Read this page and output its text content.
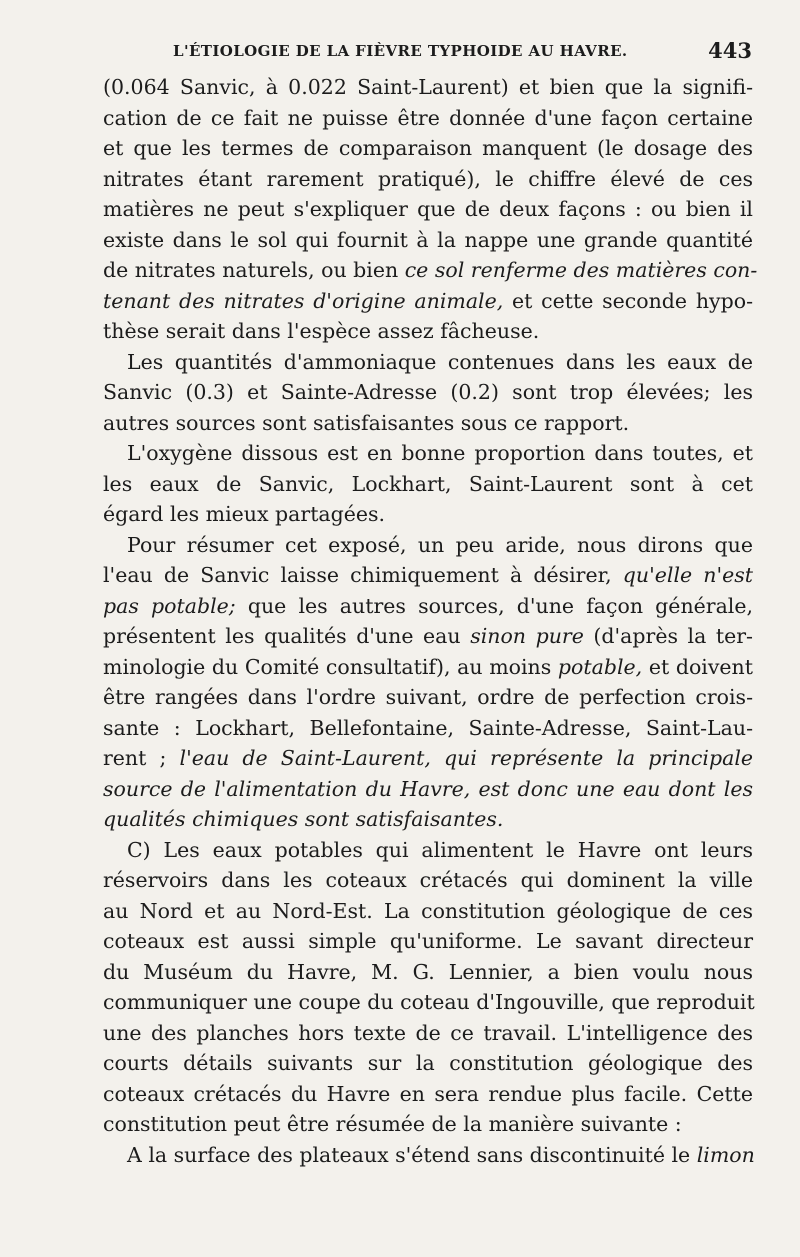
L'ÉTIOLOGIE DE LA FIÈVRE TYPHOIDE AU HAVRE.	443
(0.064 Sanvic, à 0.022 Saint-Laurent) et bien que la signifi-
cation de ce fait ne puisse être donnée d'une façon certaine
et que les termes de comparaison manquent (le dosage des
nitrates étant rarement pratiqué), le chiffre élevé de ces
matières ne peut s'expliquer que de deux façons : ou bien il
existe dans le sol qui fournit à la nappe une grande quantité
de nitrates naturels, ou bien ce sol renferme des matières con-
tenant des nitrates d'origine animale, et cette seconde hypo-
thèse serait dans l'espèce assez fâcheuse.
Les quantités d'ammoniaque contenues dans les eaux de
Sanvic (0.3) et Sainte-Adresse (0.2) sont trop élevées; les
autres sources sont satisfaisantes sous ce rapport.
L'oxygène dissous est en bonne proportion dans toutes, et
les eaux de Sanvic, Lockhart, Saint-Laurent sont à cet
égard les mieux partagées.
Pour résumer cet exposé, un peu aride, nous dirons que
l'eau de Sanvic laisse chimiquement à désirer, qu'elle n'est
pas potable; que les autres sources, d'une façon générale,
présentent les qualités d'une eau sinon pure (d'après la ter-
minologie du Comité consultatif), au moins potable, et doivent
être rangées dans l'ordre suivant, ordre de perfection crois-
sante : Lockhart, Bellefontaine, Sainte-Adresse, Saint-Lau-
rent ; l'eau de Saint-Laurent, qui représente la principale
source de l'alimentation du Havre, est donc une eau dont les
qualités chimiques sont satisfaisantes.
C) Les eaux potables qui alimentent le Havre ont leurs
réservoirs dans les coteaux crétacés qui dominent la ville
au Nord et au Nord-Est. La constitution géologique de ces
coteaux est aussi simple qu'uniforme. Le savant directeur
du Muséum du Havre, M. G. Lennier, a bien voulu nous
communiquer une coupe du coteau d'Ingouville, que reproduit
une des planches hors texte de ce travail. L'intelligence des
courts détails suivants sur la constitution géologique des
coteaux crétacés du Havre en sera rendue plus facile. Cette
constitution peut être résumée de la manière suivante :
A la surface des plateaux s'étend sans discontinuité le limon
